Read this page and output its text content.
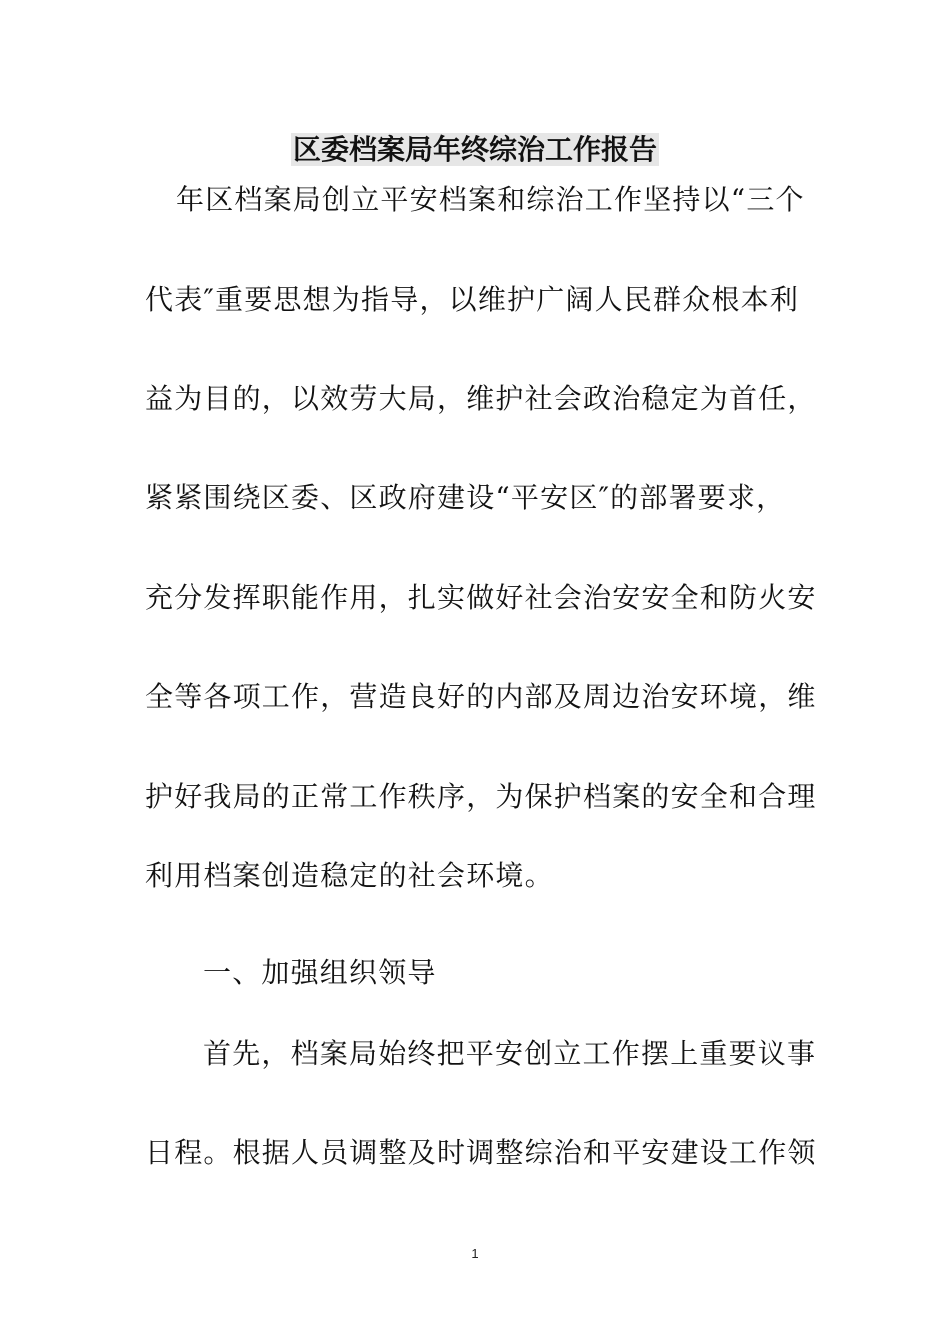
区委档案局年终综治工作报告
年区档案局创立平安档案和综治工作坚持以“三个
代表″重要思想为指导，以维护广阔人民群众根本利
益为目的，以效劳大局，维护社会政治稳定为首任，
紧紧围绕区委、区政府建设“平安区″的部署要求，
充分发挥职能作用，扎实做好社会治安安全和防火安
全等各项工作，营造良好的内部及周边治安环境，维
护好我局的正常工作秩序，为保护档案的安全和合理
利用档案创造稳定的社会环境。
一、加强组织领导
首先，档案局始终把平安创立工作摆上重要议事
日程。根据人员调整及时调整综治和平安建设工作领
1
